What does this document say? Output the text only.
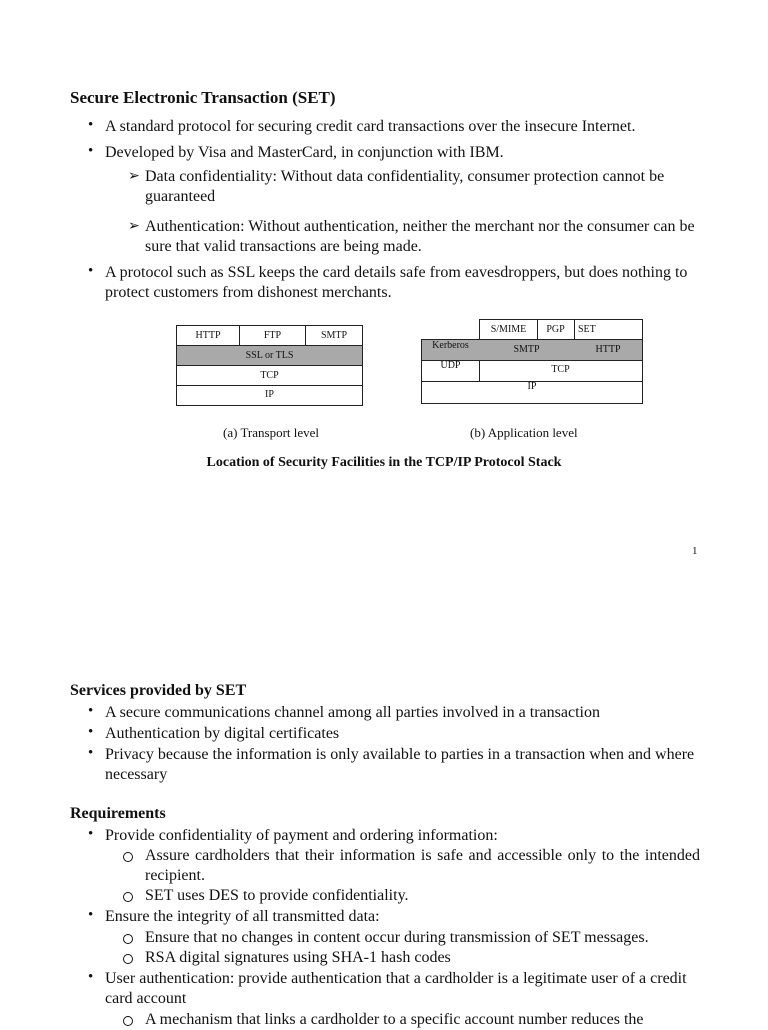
Secure Electronic Transaction (SET)
• A standard protocol for securing credit card transactions over the insecure Internet.
• Developed by Visa and MasterCard, in conjunction with IBM.
➢ Data confidentiality: Without data confidentiality, consumer protection cannot be guaranteed
➢ Authentication: Without authentication, neither the merchant nor the consumer can be sure that valid transactions are being made.
• A protocol such as SSL keeps the card details safe from eavesdroppers, but does nothing to protect customers from dishonest merchants.
HTTP	FTP	SMTP
SSL or TLS
TCP
IP
S/MIME	PGP	SET
Kerberos	SMTP	HTTP
UDP	TCP
IP
(a) Transport level	(b) Application level
Location of Security Facilities in the TCP/IP Protocol Stack
1
Services provided by SET
• A secure communications channel among all parties involved in a transaction
• Authentication by digital certificates
• Privacy because the information is only available to parties in a transaction when and where necessary
Requirements
• Provide confidentiality of payment and ordering information:
Assure cardholders that their information is safe and accessible only to the intended recipient.
SET uses DES to provide confidentiality.
• Ensure the integrity of all transmitted data:
Ensure that no changes in content occur during transmission of SET messages.
RSA digital signatures using SHA-1 hash codes
• User authentication: provide authentication that a cardholder is a legitimate user of a credit card account
A mechanism that links a cardholder to a specific account number reduces the
